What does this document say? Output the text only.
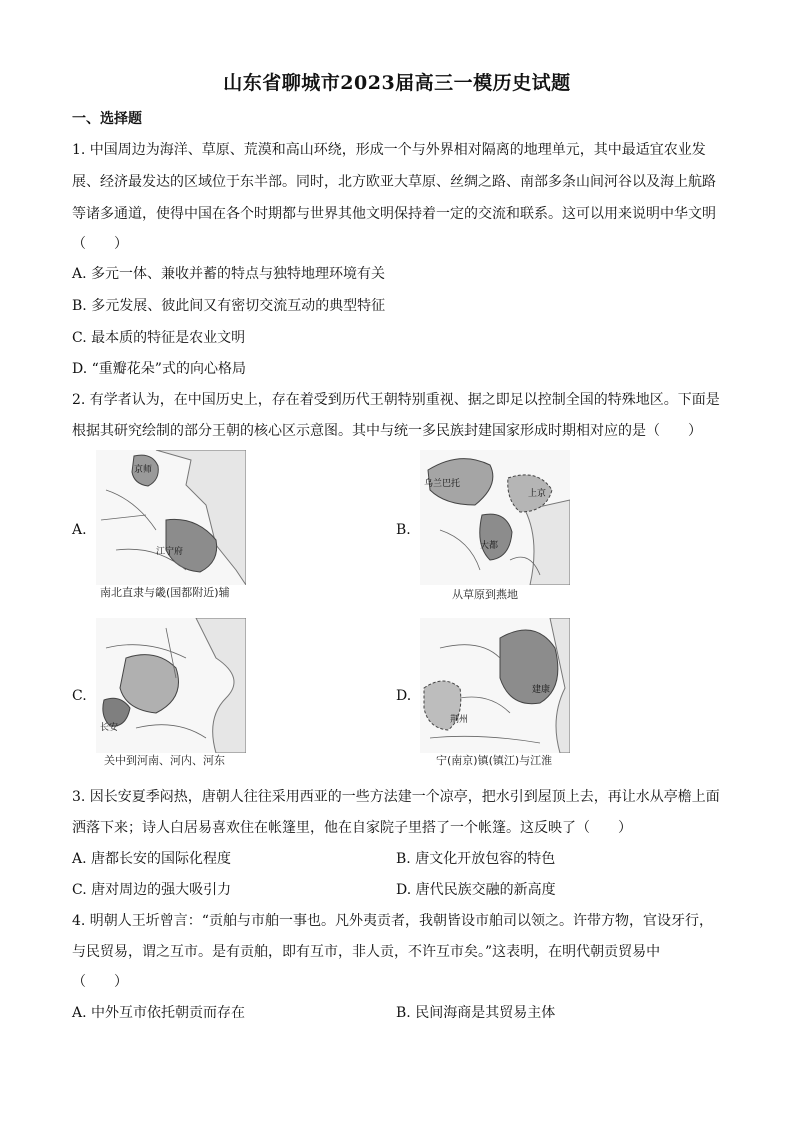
山东省聊城市2023届高三一模历史试题
一、选择题
1. 中国周边为海洋、草原、荒漠和高山环绕，形成一个与外界相对隔离的地理单元，其中最适宜农业发
展、经济最发达的区域位于东半部。同时，北方欧亚大草原、丝绸之路、南部多条山间河谷以及海上航路
等诸多通道，使得中国在各个时期都与世界其他文明保持着一定的交流和联系。这可以用来说明中华文明
（　　）
A. 多元一体、兼收并蓄的特点与独特地理环境有关
B. 多元发展、彼此间又有密切交流互动的典型特征
C. 最本质的特征是农业文明
D. “重瓣花朵”式的向心格局
2. 有学者认为，在中国历史上，存在着受到历代王朝特别重视、据之即足以控制全国的特殊地区。下面是
根据其研究绘制的部分王朝的核心区示意图。其中与统一多民族封建国家形成时期相对应的是（　　）
A.
京师
江宁府
南北直隶与畿(国都附近)辅
B.
乌兰巴托
上京
大都
从草原到燕地
C.
长安
关中到河南、河内、河东
D.	建康
荆州
宁(南京)镇(镇江)与江淮
3. 因长安夏季闷热，唐朝人往往采用西亚的一些方法建一个凉亭，把水引到屋顶上去，再让水从亭檐上面
洒落下来；诗人白居易喜欢住在帐篷里，他在自家院子里搭了一个帐篷。这反映了（　　）
A. 唐都长安的国际化程度	B. 唐文化开放包容的特色
C. 唐对周边的强大吸引力	D. 唐代民族交融的新高度
4. 明朝人王圻曾言：“贡舶与市舶一事也。凡外夷贡者，我朝皆设市舶司以领之。许带方物，官设牙行，
与民贸易，谓之互市。是有贡舶，即有互市，非人贡，不许互市矣。”这表明，在明代朝贡贸易中
（　　）
A. 中外互市依托朝贡而存在	B. 民间海商是其贸易主体
